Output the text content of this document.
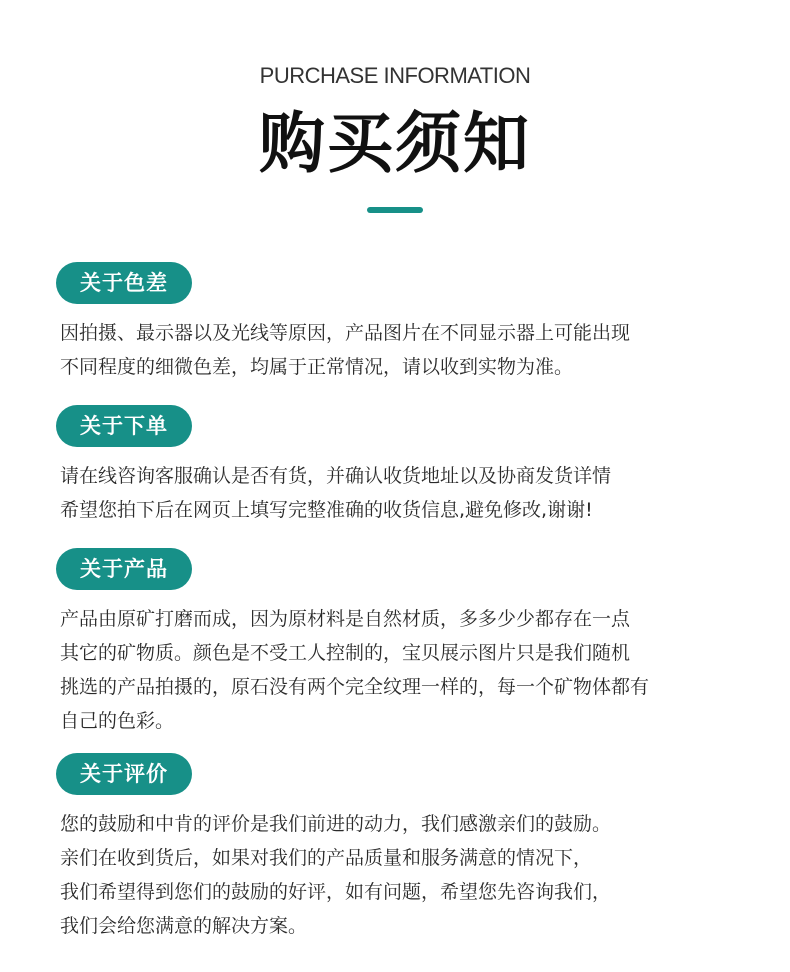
PURCHASE INFORMATION
购买须知
关于色差
因拍摄、最示器以及光线等原因，产品图片在不同显示器上可能出现
不同程度的细微色差，均属于正常情况，请以收到实物为准。
关于下单
请在线咨询客服确认是否有货，并确认收货地址以及协商发货详情
希望您拍下后在网页上填写完整准确的收货信息,避免修改,谢谢!
关于产品
产品由原矿打磨而成，因为原材料是自然材质，多多少少都存在一点
其它的矿物质。颜色是不受工人控制的，宝贝展示图片只是我们随机
挑选的产品拍摄的，原石没有两个完全纹理一样的，每一个矿物体都有
自己的色彩。
关于评价
您的鼓励和中肯的评价是我们前进的动力，我们感激亲们的鼓励。
亲们在收到货后，如果对我们的产品质量和服务满意的情况下，
我们希望得到您们的鼓励的好评，如有问题，希望您先咨询我们，
我们会给您满意的解决方案。
